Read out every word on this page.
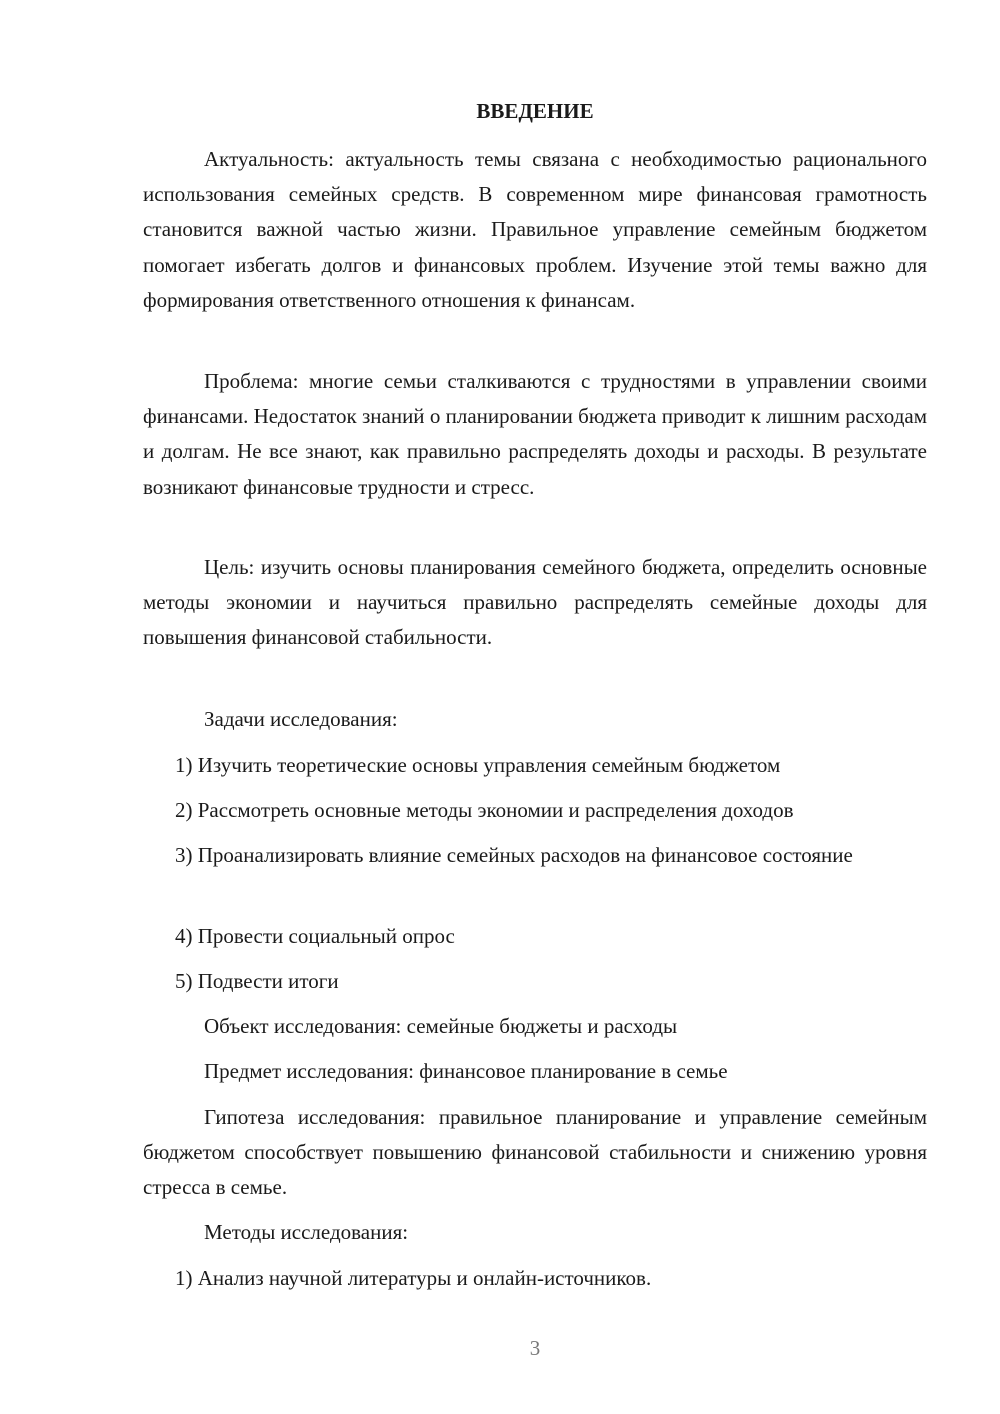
ВВЕДЕНИЕ

Актуальность: актуальность темы связана с необходимостью рационального использования семейных средств. В современном мире финансовая грамотность становится важной частью жизни. Правильное управление семейным бюджетом помогает избегать долгов и финансовых проблем. Изучение этой темы важно для формирования ответственного отношения к финансам.

Проблема: многие семьи сталкиваются с трудностями в управлении своими финансами. Недостаток знаний о планировании бюджета приводит к лишним расходам и долгам. Не все знают, как правильно распределять доходы и расходы. В результате возникают финансовые трудности и стресс.

Цель: изучить основы планирования семейного бюджета, определить основные методы экономии и научиться правильно распределять семейные доходы для повышения финансовой стабильности.

Задачи исследования:
1) Изучить теоретические основы управления семейным бюджетом
2) Рассмотреть основные методы экономии и распределения доходов

3) Проанализировать влияние семейных расходов на финансовое состояние

4) Провести социальный опрос
5) Подвести итоги
Объект исследования: семейные бюджеты и расходы
Предмет исследования: финансовое планирование в семье

Гипотеза исследования: правильное планирование и управление семейным бюджетом способствует повышению финансовой стабильности и снижению уровня стресса в семье.

Методы исследования:
1) Анализ научной литературы и онлайн-источников.
3
